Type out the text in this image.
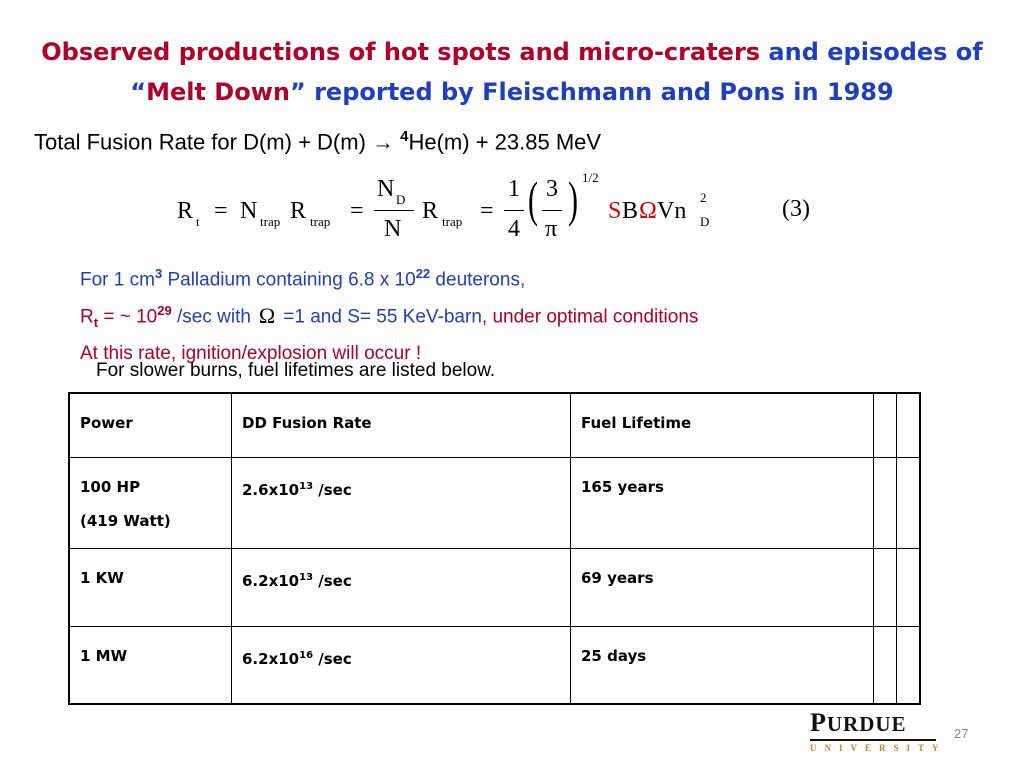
Observed productions of hot spots and micro-craters and episodes of “Melt Down” reported by Fleischmann and Pons in 1989
Total Fusion Rate for D(m) + D(m) → $^4$He(m) + 23.85 MeV
R t = N trap R trap =
N D
N
R trap =
1
4
( 3
π
) 1/2
S B Ω Vn
2
D	(3)
For 1 $cm^3$ Palladium containing 6.8 x $10^{22}$ deuterons,
$R_t$ = ~ $10^{29}$ /sec with Ω =1 and S= 55 KeV-barn, under optimal conditions
At this rate, ignition/explosion will occur !
For slower burns, fuel lifetimes are listed below.
Power	DD Fusion Rate	Fuel Lifetime		
100 HP
(419 Watt)	$2.6x10^{13}$ /sec	165 years		
1 KW	$6.2x10^{13}$ /sec	69 years		
1 MW	$6.2x10^{16}$ /sec	25 days		
PURDUE
UNIVERSITY
27
